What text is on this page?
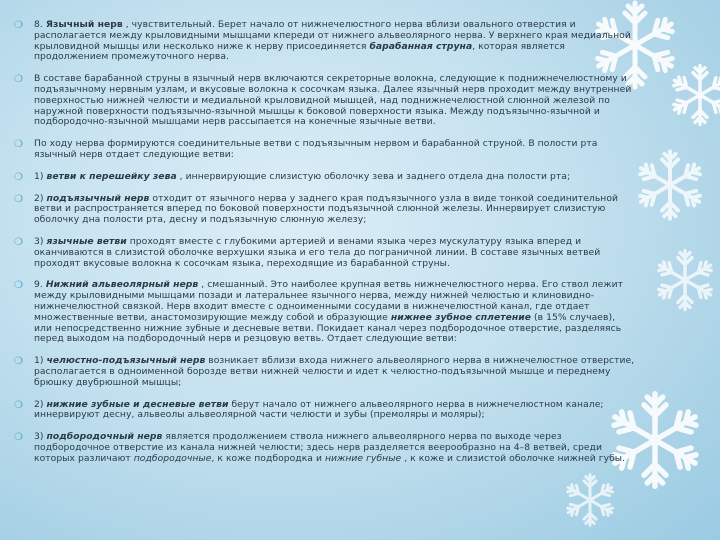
❍ 8. Язычный нерв , чувствительный. Берет начало от нижнечелюстного нерва вблизи овального отверстия и располагается между крыловидными мышцами кпереди от нижнего альвеолярного нерва. У верхнего края медиальной крыловидной мышцы или несколько ниже к нерву присоединяется барабанная струна, которая является продолжением промежуточного нерва.
❍ В составе барабанной струны в язычный нерв включаются секреторные волокна, следующие к поднижнечелюстному и подъязычному нервным узлам, и вкусовые волокна к сосочкам языка. Далее язычный нерв проходит между внутренней поверхностью нижней челюсти и медиальной крыловидной мышцей, над поднижнечелюстной слюнной железой по наружной поверхности подъязычно-язычной мышцы к боковой поверхности языка. Между подъязычно-язычной и подбородочно-язычной мышцами нерв рассыпается на конечные язычные ветви.
❍ По ходу нерва формируются соединительные ветви с подъязычным нервом и барабанной струной. В полости рта язычный нерв отдает следующие ветви:
❍ 1) ветви к перешейку зева , иннервирующие слизистую оболочку зева и заднего отдела дна полости рта;
❍ 2) подъязычный нерв отходит от язычного нерва у заднего края подъязычного узла в виде тонкой соединительной ветви и распространяется вперед по боковой поверхности подъязычной слюнной железы. Иннервирует слизистую оболочку дна полости рта, десну и подъязычную слюнную железу;
❍ 3) язычные ветви проходят вместе с глубокими артерией и венами языка через мускулатуру языка вперед и оканчиваются в слизистой оболочке верхушки языка и его тела до пограничной линии. В составе язычных ветвей проходят вкусовые волокна к сосочкам языка, переходящие из барабанной струны.
❍ 9. Нижний альвеолярный нерв , смешанный. Это наиболее крупная ветвь нижнечелюстного нерва. Его ствол лежит между крыловидными мышцами позади и латеральнее язычного нерва, между нижней челюстью и клиновидно-нижнечелюстной связкой. Нерв входит вместе с одноименными сосудами в нижнечелюстной канал, где отдает множественные ветви, анастомозирующие между собой и образующие нижнее зубное сплетение (в 15% случаев), или непосредственно нижние зубные и десневые ветви. Покидает канал через подбородочное отверстие, разделяясь перед выходом на подбородочный нерв и резцовую ветвь. Отдает следующие ветви:
❍ 1) челюстно-подъязычный нерв возникает вблизи входа нижнего альвеолярного нерва в нижнечелюстное отверстие, располагается в одноименной борозде ветви нижней челюсти и идет к челюстно-подъязычной мышце и переднему брюшку двубрюшной мышцы;
❍ 2) нижние зубные и десневые ветви берут начало от нижнего альвеолярного нерва в нижнечелюстном канале; иннервируют десну, альвеолы альвеолярной части челюсти и зубы (премоляры и моляры);
❍ 3) подбородочный нерв является продолжением ствола нижнего альвеолярного нерва по выходе через подбородочное отверстие из канала нижней челюсти; здесь нерв разделяется веерообразно на 4–8 ветвей, среди которых различают подбородочные, к коже подбородка и нижние губные , к коже и слизистой оболочке нижней губы.
